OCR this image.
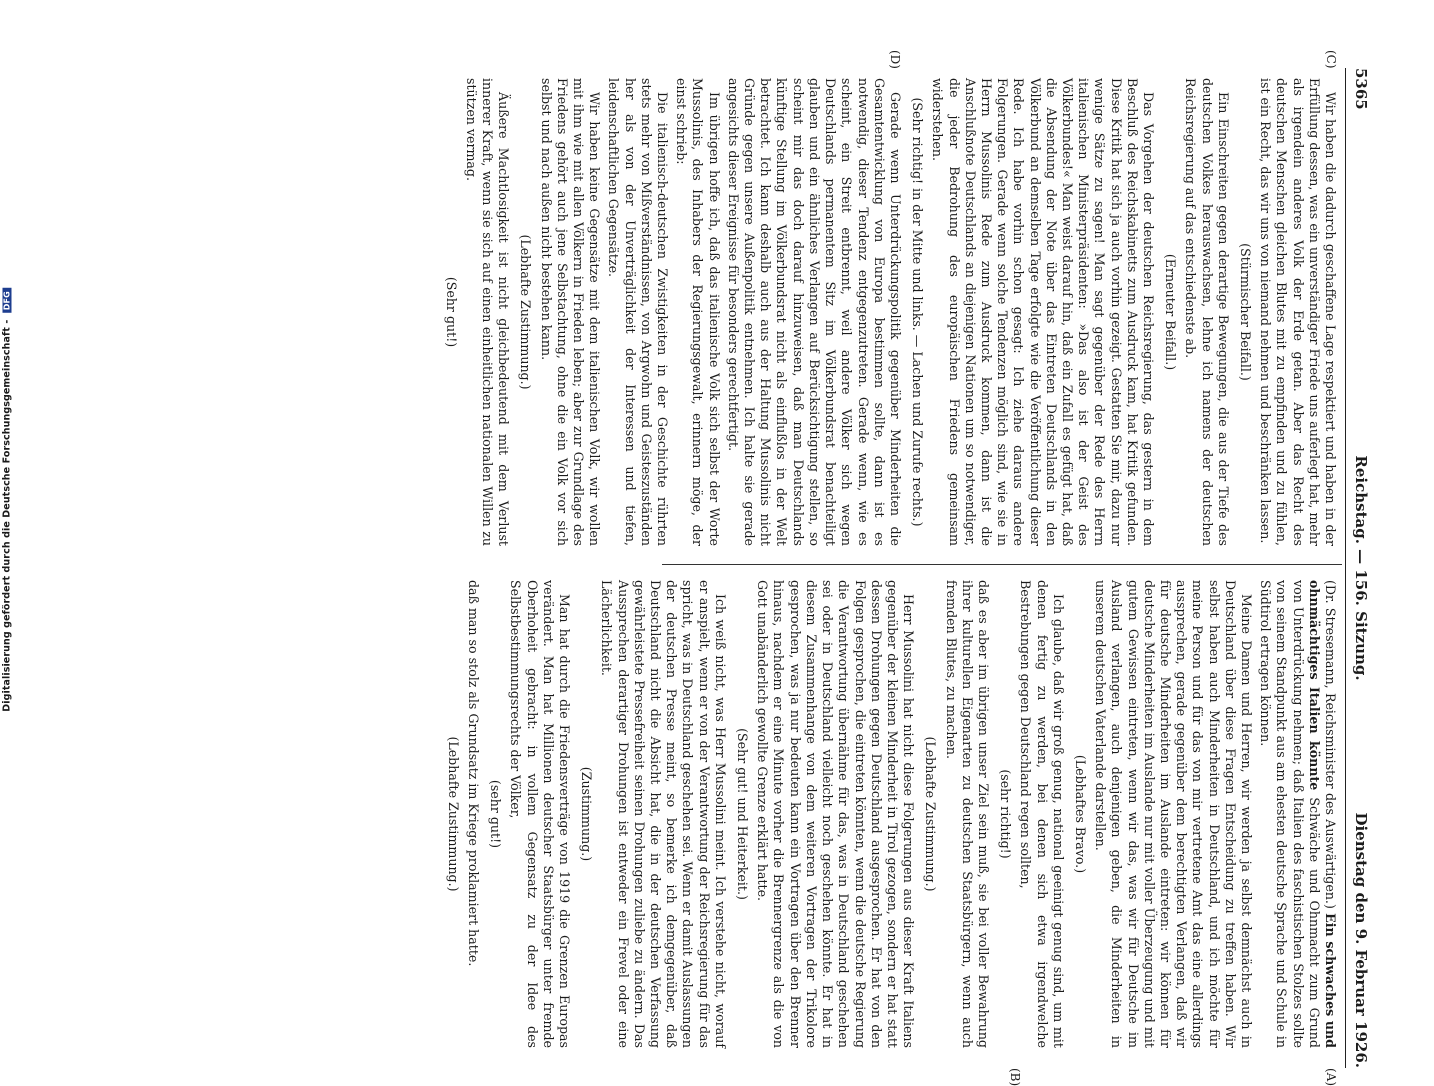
Digitalisierung gefördert durch die Deutsche Forschungsgemeinschaft - DFG
5365
Reichstag. — 156. Sitzung.
Dienstag den 9. Februar 1926.
(C)
(D)
(A)
(B)

Wir haben die dadurch geschaffene Lage respektiert und haben in der Erfüllung dessen, was ein unverständiger Friede uns auferlegt hat, mehr als irgendein anderes Volk der Erde getan. Aber das Recht des deutschen Menschen gleichen Blutes mit zu empfinden und zu fühlen, ist ein Recht, das wir uns von niemand nehmen und beschränken lassen.

(Stürmischer Beifall.)

Ein Einschreiten gegen derartige Bewegungen, die aus der Tiefe des deutschen Volkes herauswachsen, lehne ich namens der deutschen Reichsregierung auf das entschiedenste ab.

(Erneuter Beifall.)

Das Vorgehen der deutschen Reichsregierung, das gestern in dem Beschluß des Reichskabinetts zum Ausdruck kam, hat Kritik gefunden. Diese Kritik hat sich ja auch vorhin gezeigt. Gestatten Sie mir, dazu nur wenige Sätze zu sagen! Man sagt gegenüber der Rede des Herrn italienischen Ministerpräsidenten: »Das also ist der Geist des Völkerbundes!« Man weist darauf hin, daß ein Zufall es gefügt hat, daß die Absendung der Note über das Eintreten Deutschlands in den Völkerbund an demselben Tage erfolgte wie die Veröffentlichung dieser Rede. Ich habe vorhin schon gesagt: Ich ziehe daraus andere Folgerungen. Gerade wenn solche Tendenzen möglich sind, wie sie in Herrn Mussolinis Rede zum Ausdruck kommen, dann ist die Anschlußnote Deutschlands an diejenigen Nationen um so notwendiger, die jeder Bedrohung des europäischen Friedens gemeinsam widerstehen.

(Sehr richtig! in der Mitte und links. — Lachen und Zurufe rechts.)

Gerade wenn Unterdrückungspolitik gegenüber Minderheiten die Gesamtentwicklung von Europa bestimmen sollte, dann ist es notwendig, dieser Tendenz entgegenzutreten. Gerade wenn, wie es scheint, ein Streit entbrennt, weil andere Völker sich wegen Deutschlands permanentem Sitz im Völkerbundsrat benachteiligt glauben und ein ähnliches Verlangen auf Berücksichtigung stellen, so scheint mir das doch darauf hinzuweisen, daß man Deutschlands künftige Stellung im Völkerbundsrat nicht als einflußlos in der Welt betrachtet. Ich kann deshalb auch aus der Haltung Mussolinis nicht Gründe gegen unsere Außenpolitik entnehmen. Ich halte sie gerade angesichts dieser Ereignisse für besonders gerechtfertigt.

Im übrigen hoffe ich, daß das italienische Volk sich selbst der Worte Mussolinis, des Inhabers der Regierungsgewalt, erinnern möge, der einst schrieb:

Die italienisch-deutschen Zwistigkeiten in der Geschichte rührten stets mehr von Mißverständnissen, von Argwohn und Geisteszuständen her als von der Unverträglichkeit der Interessen und tiefen, leidenschaftlichen Gegensätze.

Wir haben keine Gegensätze mit dem italienischen Volk, wir wollen mit ihm wie mit allen Völkern in Frieden leben; aber zur Grundlage des Friedens gehört auch jene Selbstachtung, ohne die ein Volk vor sich selbst und nach außen nicht bestehen kann.

(Lebhafte Zustimmung.)

Äußere Machtlosigkeit ist nicht gleichbedeutend mit dem Verlust innerer Kraft, wenn sie sich auf einen einheitlichen nationalen Willen zu stützen vermag.

(Sehr gut!)

(Dr. Stresemann, Reichsminister des Auswärtigen.) Ein schwaches und ohnmächtiges Italien könnte Schwäche und Ohnmacht zum Grund von Unterdrückung nehmen; daß Italien des faschistischen Stolzes sollte von seinem Standpunkt aus am ehesten deutsche Sprache und Schule in Südtirol ertragen können.

Meine Damen und Herren, wir werden ja selbst demnächst auch in Deutschland über diese Fragen Entscheidung zu treffen haben. Wir selbst haben auch Minderheiten in Deutschland, und ich möchte für meine Person und für das von mir vertretene Amt das eine allerdings aussprechen, gerade gegenüber dem berechtigten Verlangen, daß wir für deutsche Minderheiten im Auslande eintreten: wir können für deutsche Minderheiten im Auslande nur mit voller Überzeugung und mit gutem Gewissen eintreten, wenn wir das, was wir für Deutsche im Ausland verlangen, auch denjenigen geben, die Minderheiten in unserem deutschen Vaterlande darstellen.

(Lebhaftes Bravo.)

Ich glaube, daß wir groß genug, national geeinigt genug sind, um mit denen fertig zu werden, bei denen sich etwa irgendwelche Bestrebungen gegen Deutschland regen sollten,

(sehr richtig!)

daß es aber im übrigen unser Ziel sein muß, sie bei voller Bewahrung ihrer kulturellen Eigenarten zu deutschen Staatsbürgern, wenn auch fremden Blutes, zu machen.

(Lebhafte Zustimmung.)

Herr Mussolini hat nicht diese Folgerungen aus dieser Kraft Italiens gegenüber der kleinen Minderheit in Tirol gezogen, sondern er hat statt dessen Drohungen gegen Deutschland ausgesprochen. Er hat von den Folgen gesprochen, die eintreten könnten, wenn die deutsche Regierung die Verantwortung übernähme für das, was in Deutschland geschehen sei oder in Deutschland vielleicht noch geschehen könnte. Er hat in diesem Zusammenhange von dem weiteren Vortragen der Trikolore gesprochen, was ja nur bedeuten kann ein Vortragen über den Brenner hinaus, nachdem er eine Minute vorher die Brennergrenze als die von Gott unabänderlich gewollte Grenze erklärt hatte.

(Sehr gut! und Heiterkeit.)

Ich weiß nicht, was Herr Mussolini meint. Ich verstehe nicht, worauf er anspielt, wenn er von der Verantwortung der Reichsregierung für das spricht, was in Deutschland geschehen sei. Wenn er damit Auslassungen der deutschen Presse meint, so bemerke ich demgegenüber, daß Deutschland nicht die Absicht hat, die in der deutschen Verfassung gewährleistete Pressefreiheit seinen Drohungen zuliebe zu ändern. Das Aussprechen derartiger Drohungen ist entweder ein Frevel oder eine Lächerlichkeit.

(Zustimmung.)

Man hat durch die Friedensverträge von 1919 die Grenzen Europas verändert. Man hat Millionen deutscher Staatsbürger unter fremde Oberhoheit gebracht: in vollem Gegensatz zu der Idee des Selbstbestimmungsrechts der Völker,

(sehr gut!)

daß man so stolz als Grundsatz im Kriege proklamiert hatte.

(Lebhafte Zustimmung.)
